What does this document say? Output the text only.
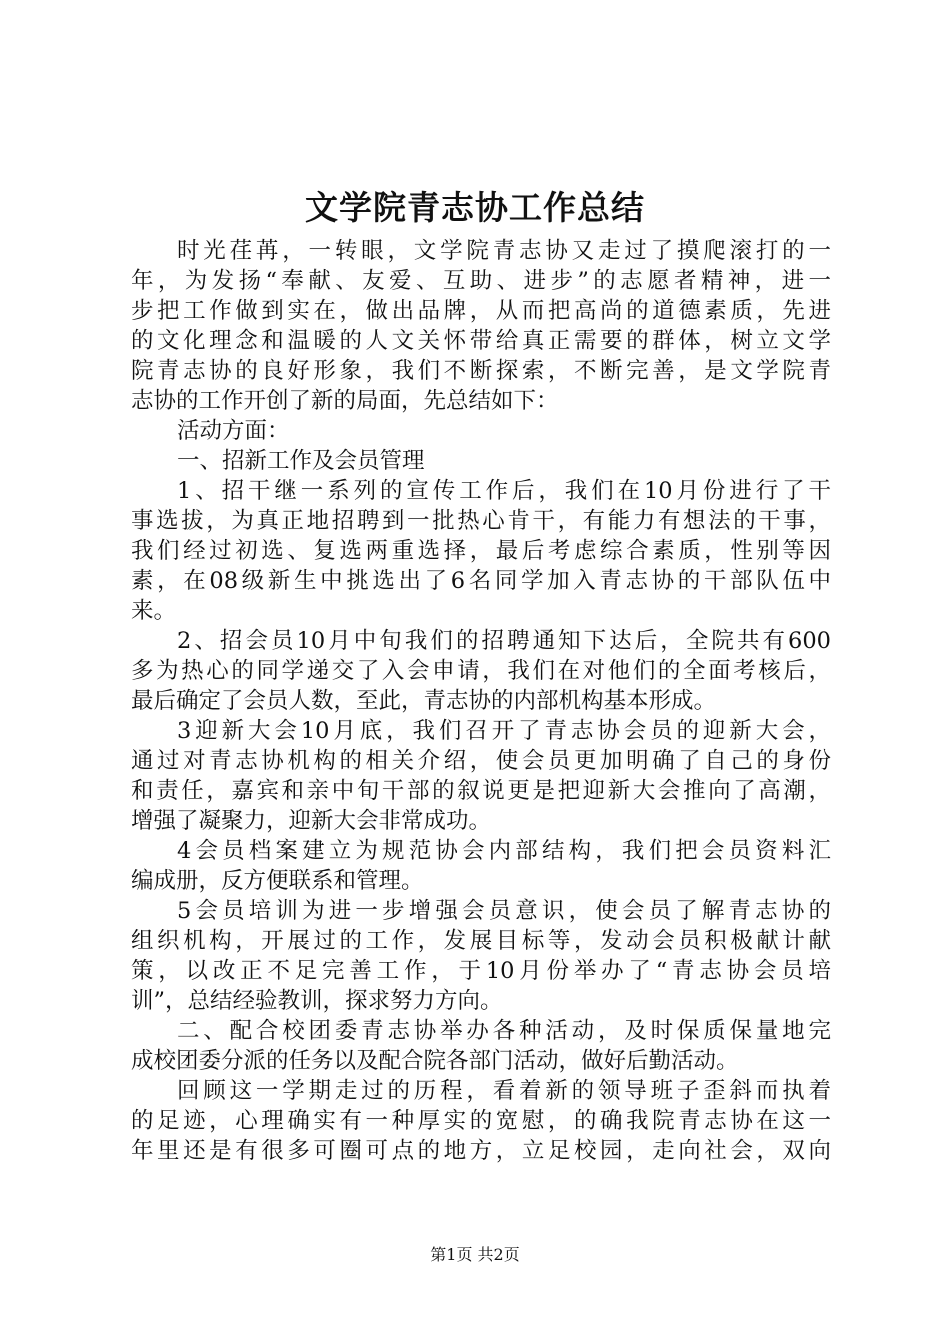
文学院青志协工作总结
时光荏苒，一转眼，文学院青志协又走过了摸爬滚打的一
年，为发扬“奉献、友爱、互助、进步”的志愿者精神，进一
步把工作做到实在，做出品牌，从而把高尚的道德素质，先进
的文化理念和温暖的人文关怀带给真正需要的群体，树立文学
院青志协的良好形象，我们不断探索，不断完善，是文学院青
志协的工作开创了新的局面，先总结如下：
活动方面：
一、招新工作及会员管理
1、招干继一系列的宣传工作后，我们在10月份进行了干
事选拔，为真正地招聘到一批热心肯干，有能力有想法的干事，
我们经过初选、复选两重选择，最后考虑综合素质，性别等因
素，在08级新生中挑选出了6名同学加入青志协的干部队伍中
来。
2、招会员10月中旬我们的招聘通知下达后，全院共有600
多为热心的同学递交了入会申请，我们在对他们的全面考核后，
最后确定了会员人数，至此，青志协的内部机构基本形成。
3迎新大会10月底，我们召开了青志协会员的迎新大会，
通过对青志协机构的相关介绍，使会员更加明确了自己的身份
和责任，嘉宾和亲中旬干部的叙说更是把迎新大会推向了高潮，
增强了凝聚力，迎新大会非常成功。
4会员档案建立为规范协会内部结构，我们把会员资料汇
编成册，反方便联系和管理。
5会员培训为进一步增强会员意识，使会员了解青志协的
组织机构，开展过的工作，发展目标等，发动会员积极献计献
策，以改正不足完善工作，于10月份举办了“青志协会员培
训”，总结经验教训，探求努力方向。
二、配合校团委青志协举办各种活动，及时保质保量地完
成校团委分派的任务以及配合院各部门活动，做好后勤活动。
回顾这一学期走过的历程，看着新的领导班子歪斜而执着
的足迹，心理确实有一种厚实的宽慰，的确我院青志协在这一
年里还是有很多可圈可点的地方，立足校园，走向社会，双向
第1页 共2页
